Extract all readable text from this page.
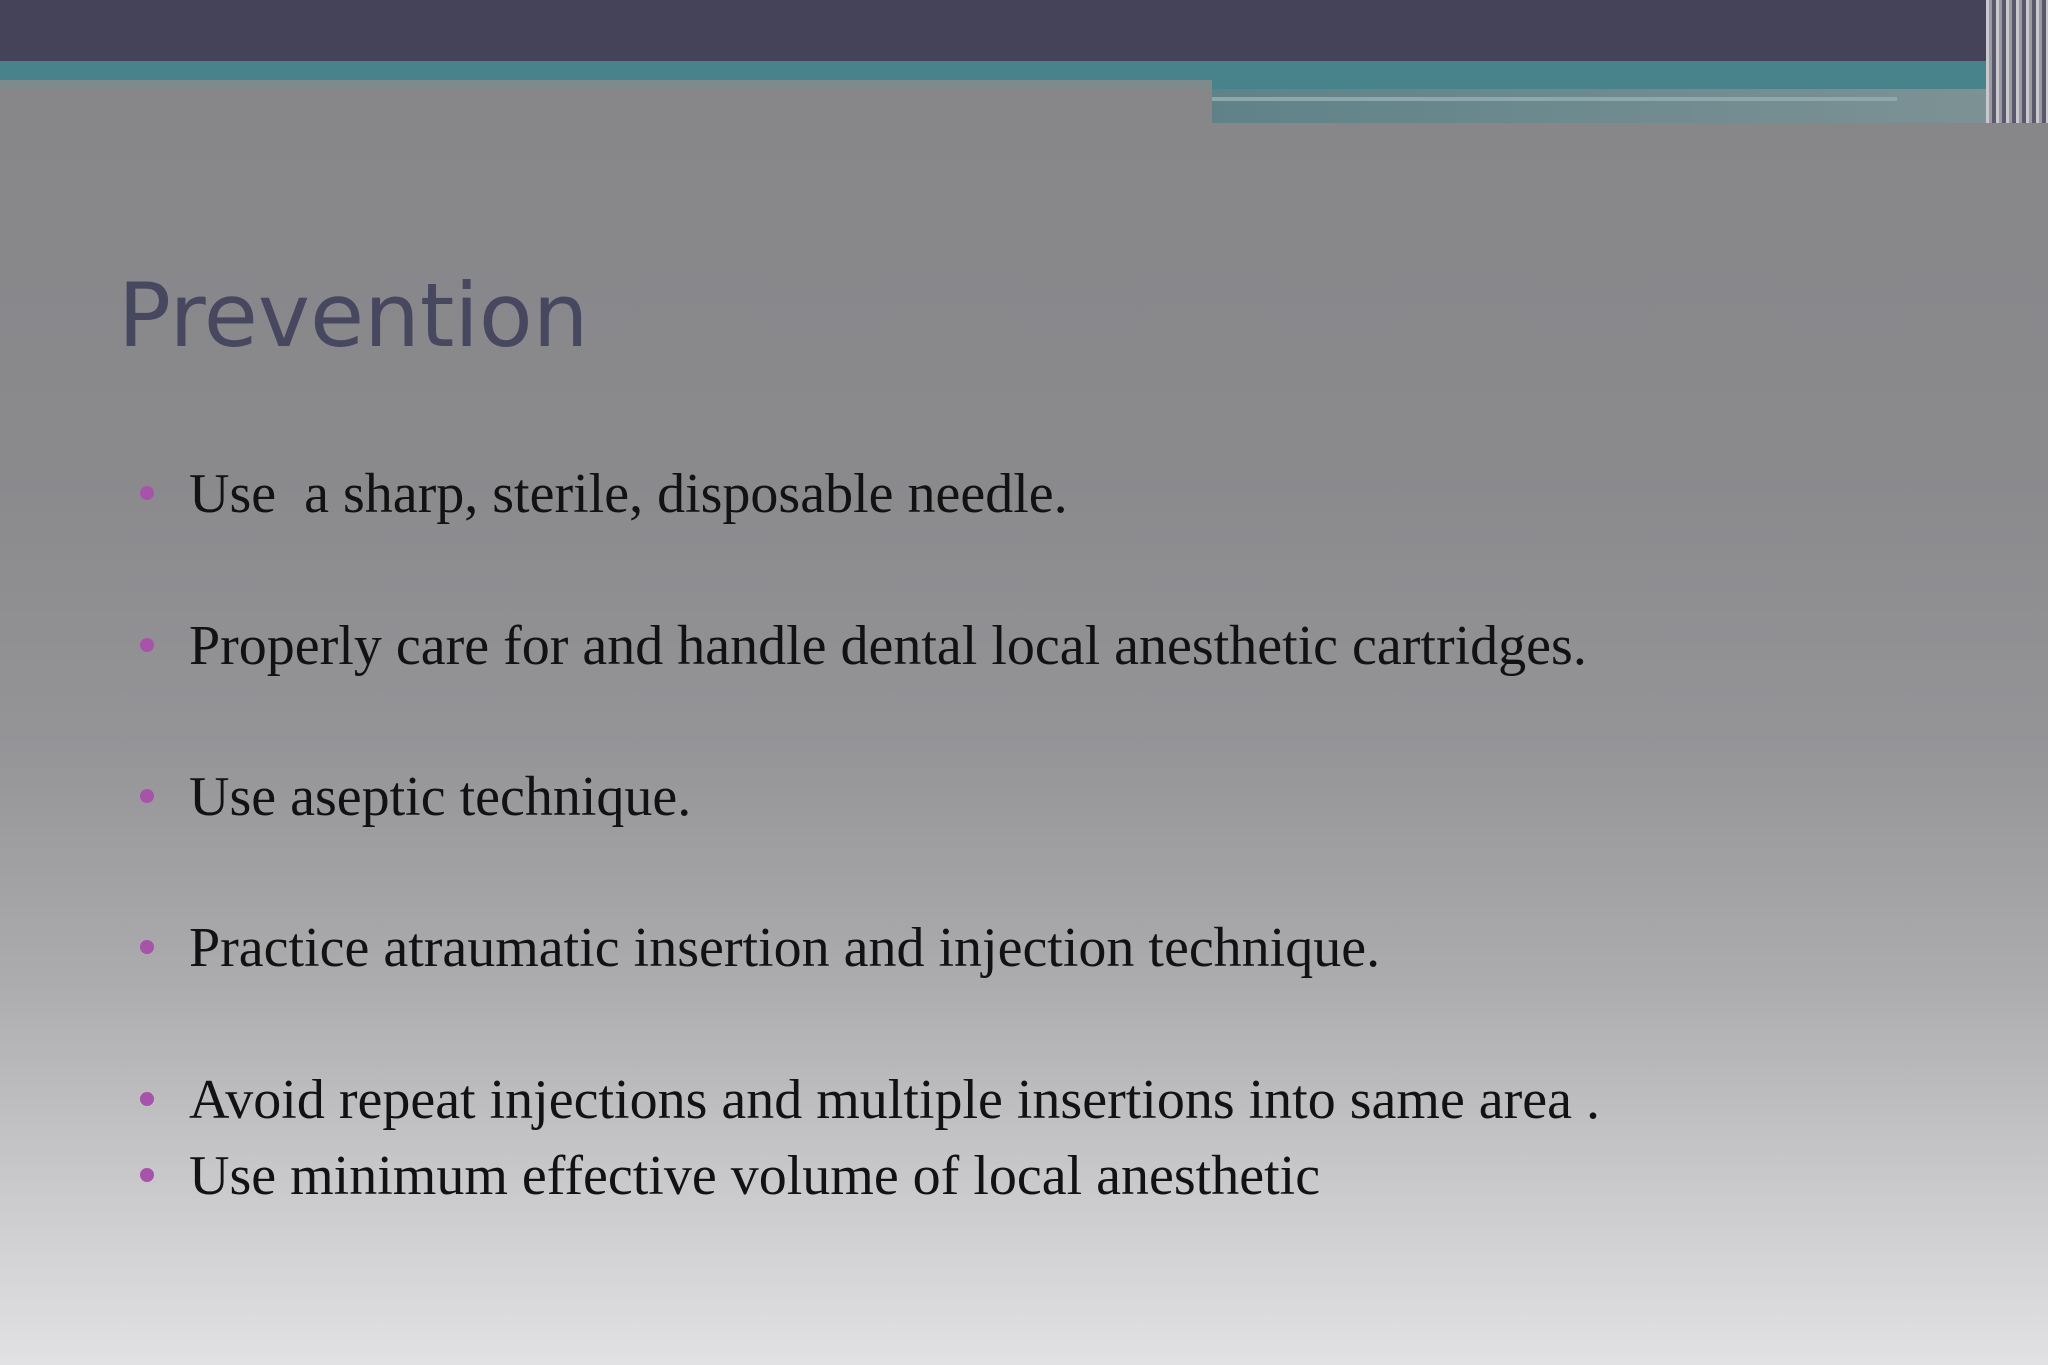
Prevention
Use  a sharp, sterile, disposable needle.
Properly care for and handle dental local anesthetic cartridges.
Use aseptic technique.
Practice atraumatic insertion and injection technique.
Avoid repeat injections and multiple insertions into same area .
Use minimum effective volume of local anesthetic
